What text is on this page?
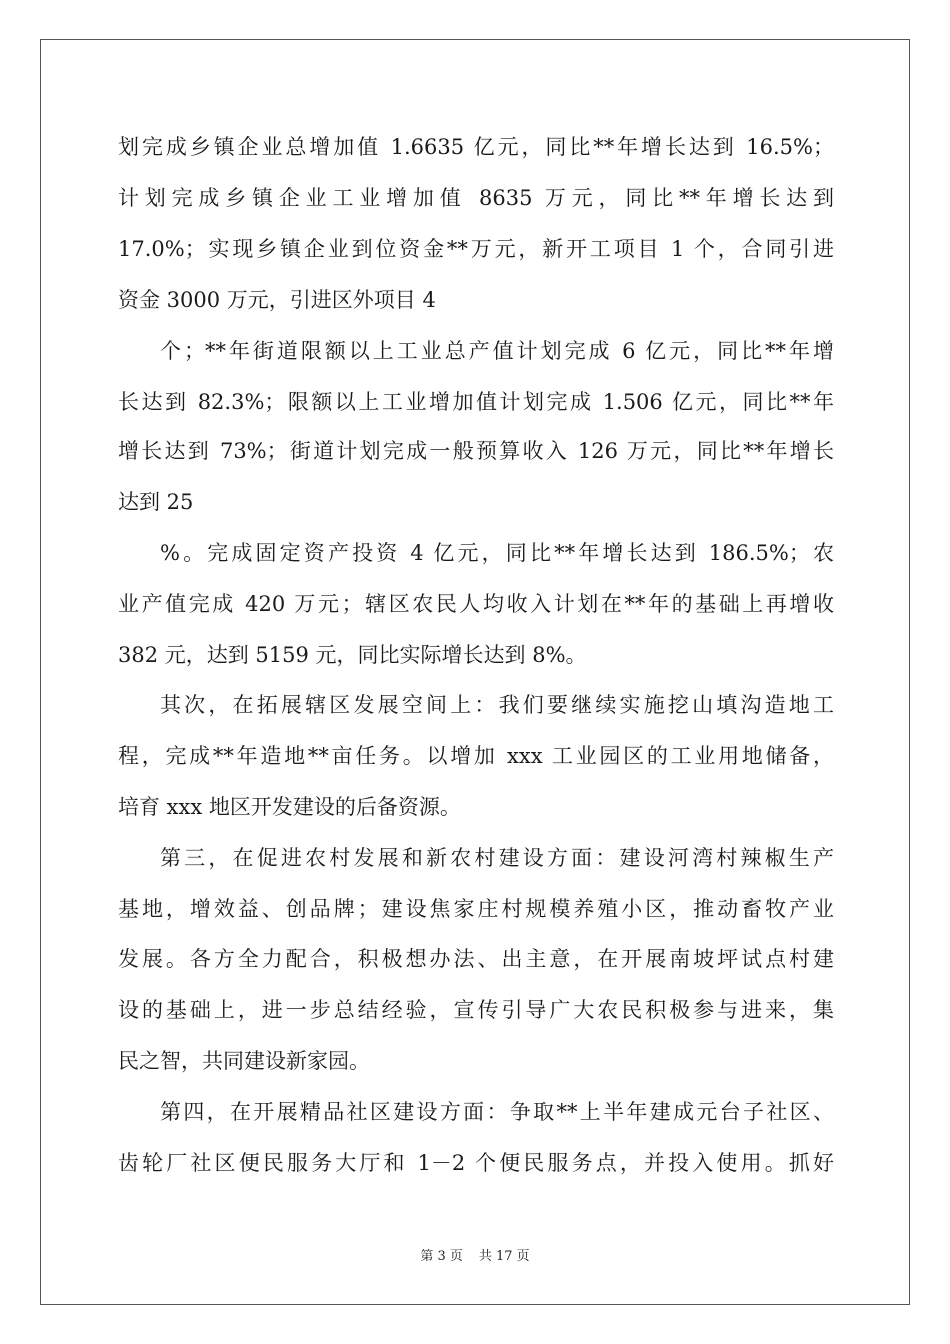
划完成乡镇企业总增加值 1.6635 亿元，同比**年增长达到 16.5%；
计划完成乡镇企业工业增加值 8635 万元，同比**年增长达到
17.0%；实现乡镇企业到位资金**万元，新开工项目 1 个，合同引进
资金 3000 万元，引进区外项目 4
个；**年街道限额以上工业总产值计划完成 6 亿元，同比**年增
长达到 82.3%；限额以上工业增加值计划完成 1.506 亿元，同比**年
增长达到 73%；街道计划完成一般预算收入 126 万元，同比**年增长
达到 25
%。完成固定资产投资 4 亿元，同比**年增长达到 186.5%；农
业产值完成 420 万元；辖区农民人均收入计划在**年的基础上再增收
382 元，达到 5159 元，同比实际增长达到 8%。
其次，在拓展辖区发展空间上：我们要继续实施挖山填沟造地工
程，完成**年造地**亩任务。以增加 xxx 工业园区的工业用地储备，
培育 xxx 地区开发建设的后备资源。
第三，在促进农村发展和新农村建设方面：建设河湾村辣椒生产
基地，增效益、创品牌；建设焦家庄村规模养殖小区，推动畜牧产业
发展。各方全力配合，积极想办法、出主意，在开展南坡坪试点村建
设的基础上，进一步总结经验，宣传引导广大农民积极参与进来，集
民之智，共同建设新家园。
第四，在开展精品社区建设方面：争取**上半年建成元台子社区、
齿轮厂社区便民服务大厅和 1－2 个便民服务点，并投入使用。抓好
第 3 页 共 17 页
